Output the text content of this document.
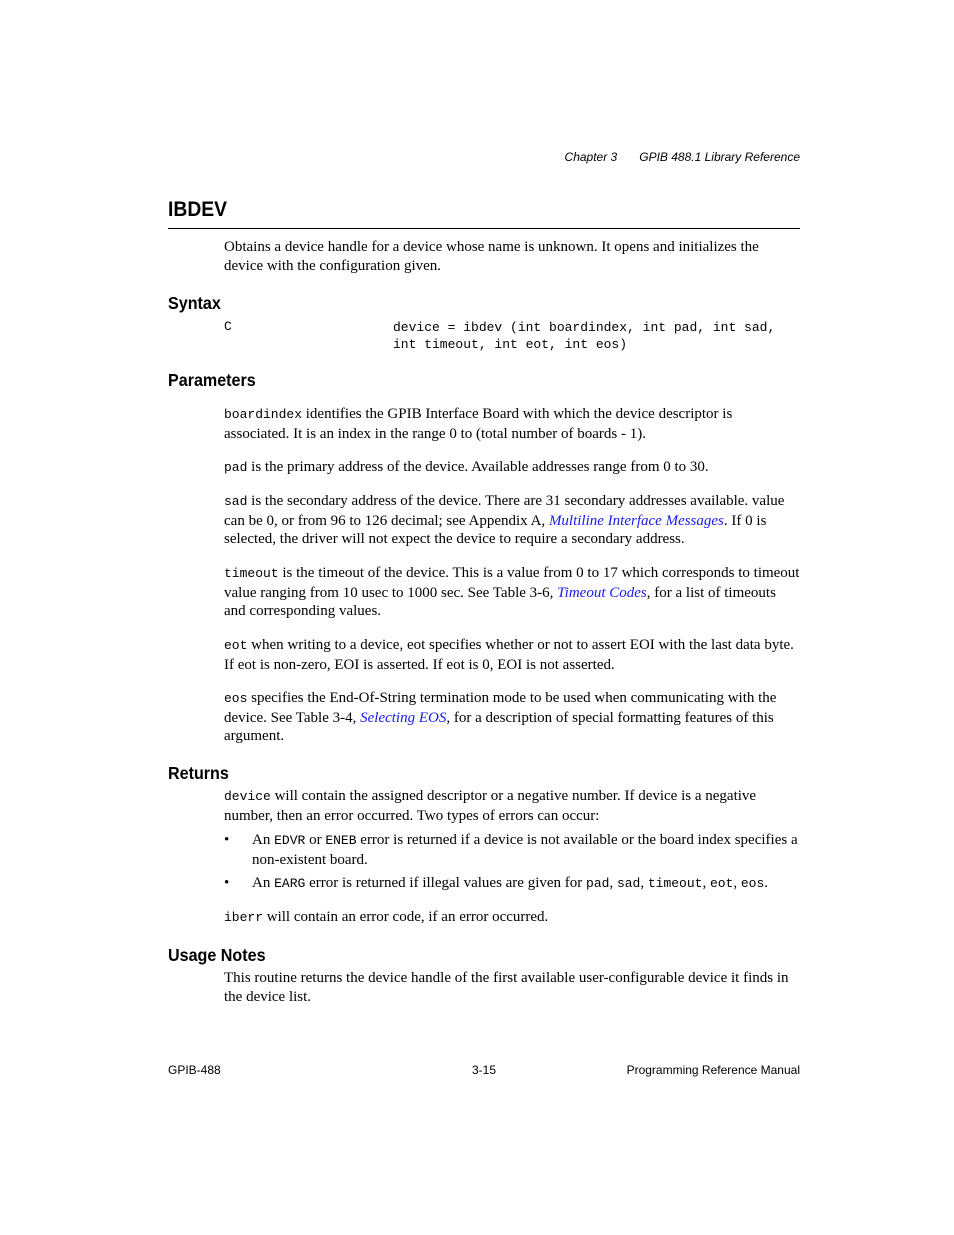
Chapter 3 GPIB 488.1 Library Reference
IBDEV

Obtains a device handle for a device whose name is unknown. It opens and initializes the device with the configuration given.

Syntax
C	device = ibdev (int boardindex, int pad, int sad,
int timeout, int eot, int eos)
Parameters

boardindex identifies the GPIB Interface Board with which the device descriptor is associated. It is an index in the range 0 to (total number of boards - 1).

pad is the primary address of the device. Available addresses range from 0 to 30.

sad is the secondary address of the device. There are 31 secondary addresses available. value can be 0, or from 96 to 126 decimal; see Appendix A, Multiline Interface Messages. If 0 is selected, the driver will not expect the device to require a secondary address.

timeout is the timeout of the device. This is a value from 0 to 17 which corresponds to timeout value ranging from 10 usec to 1000 sec. See Table 3-6, Timeout Codes, for a list of timeouts and corresponding values.

eot when writing to a device, eot specifies whether or not to assert EOI with the last data byte. If eot is non-zero, EOI is asserted. If eot is 0, EOI is not asserted.

eos specifies the End-Of-String termination mode to be used when communicating with the device. See Table 3-4, Selecting EOS, for a description of special formatting features of this argument.

Returns

device will contain the assigned descriptor or a negative number. If device is a negative number, then an error occurred. Two types of errors can occur:

• An EDVR or ENEB error is returned if a device is not available or the board index specifies a non-existent board.
• An EARG error is returned if illegal values are given for pad, sad, timeout, eot, eos.

iberr will contain an error code, if an error occurred.

Usage Notes

This routine returns the device handle of the first available user-configurable device it finds in the device list.

GPIB-488	3-15	Programming Reference Manual
